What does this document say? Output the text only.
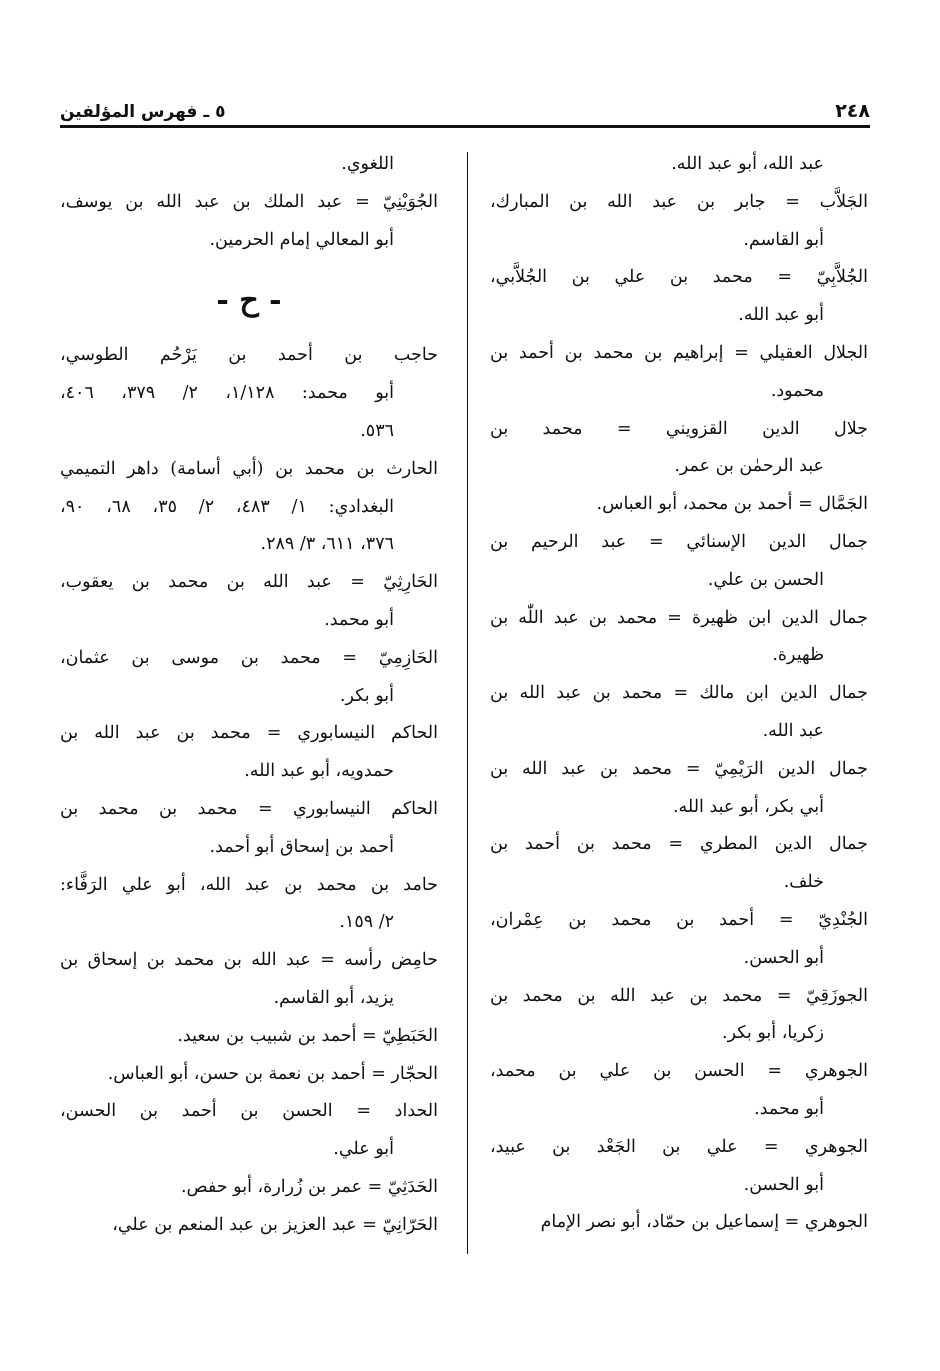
٢٤٨
٥ ـ فهرس المؤلفين
عبد الله، أبو عبد الله.
الجَلاَّب = جابر بن عبد الله بن المبارك،
أبو القاسم.
الجُلاَّبِيّ = محمد بن علي بن الجُلاَّبي،
أبو عبد الله.
الجلال العقيلي = إبراهيم بن محمد بن أحمد بن
محمود.
جلال الدين القزويني = محمد بن
عبد الرحمٰن بن عمر.
الجَمَّال = أحمد بن محمد، أبو العباس.
جمال الدين الإسنائي = عبد الرحيم بن
الحسن بن علي.
جمال الدين ابن ظهيرة = محمد بن عبد اللّٰه بن
ظهيرة.
جمال الدين ابن مالك = محمد بن عبد الله بن
عبد الله.
جمال الدين الرَيْمِيّ = محمد بن عبد الله بن
أبي بكر، أبو عبد الله.
جمال الدين المطري = محمد بن أحمد بن
خلف.
الجُنْدِيّ = أحمد بن محمد بن عِمْران،
أبو الحسن.
الجوزَقِيّ = محمد بن عبد الله بن محمد بن
زكريا، أبو بكر.
الجوهري = الحسن بن علي بن محمد،
أبو محمد.
الجوهري = علي بن الجَعْد بن عبيد،
أبو الحسن.
الجوهري = إسماعيل بن حمّاد، أبو نصر الإمام
اللغوي.
الجُوَيْنِيّ = عبد الملك بن عبد الله بن يوسف،
أبو المعالي إمام الحرمين.
- ح -
حاجب بن أحمد بن يَرْحُم الطوسي،
أبو محمد: ١/١٢٨، ٢/ ٣٧٩، ٤٠٦،
٥٣٦.
الحارث بن محمد بن (أبي أسامة) داهر التميمي
البغدادي: ١/ ٤٨٣، ٢/ ٣٥، ٦٨، ٩٠،
٣٧٦، ٦١١، ٣/ ٢٨٩.
الحَارِثِيّ = عبد الله بن محمد بن يعقوب،
أبو محمد.
الحَازِمِيّ = محمد بن موسى بن عثمان،
أبو بكر.
الحاكم النيسابوري = محمد بن عبد الله بن
حمدويه، أبو عبد الله.
الحاكم النيسابوري = محمد بن محمد بن
أحمد بن إسحاق أبو أحمد.
حامد بن محمد بن عبد الله، أبو علي الرَفَّاء:
٢/ ١٥٩.
حامِض رأسه = عبد الله بن محمد بن إسحاق بن
يزيد، أبو القاسم.
الحَبَطِيّ = أحمد بن شبيب بن سعيد.
الحجّار = أحمد بن نعمة بن حسن، أبو العباس.
الحداد = الحسن بن أحمد بن الحسن،
أبو علي.
الحَدَثِيّ = عمر بن زُرارة، أبو حفص.
الحَرّانِيّ = عبد العزيز بن عبد المنعم بن علي،
